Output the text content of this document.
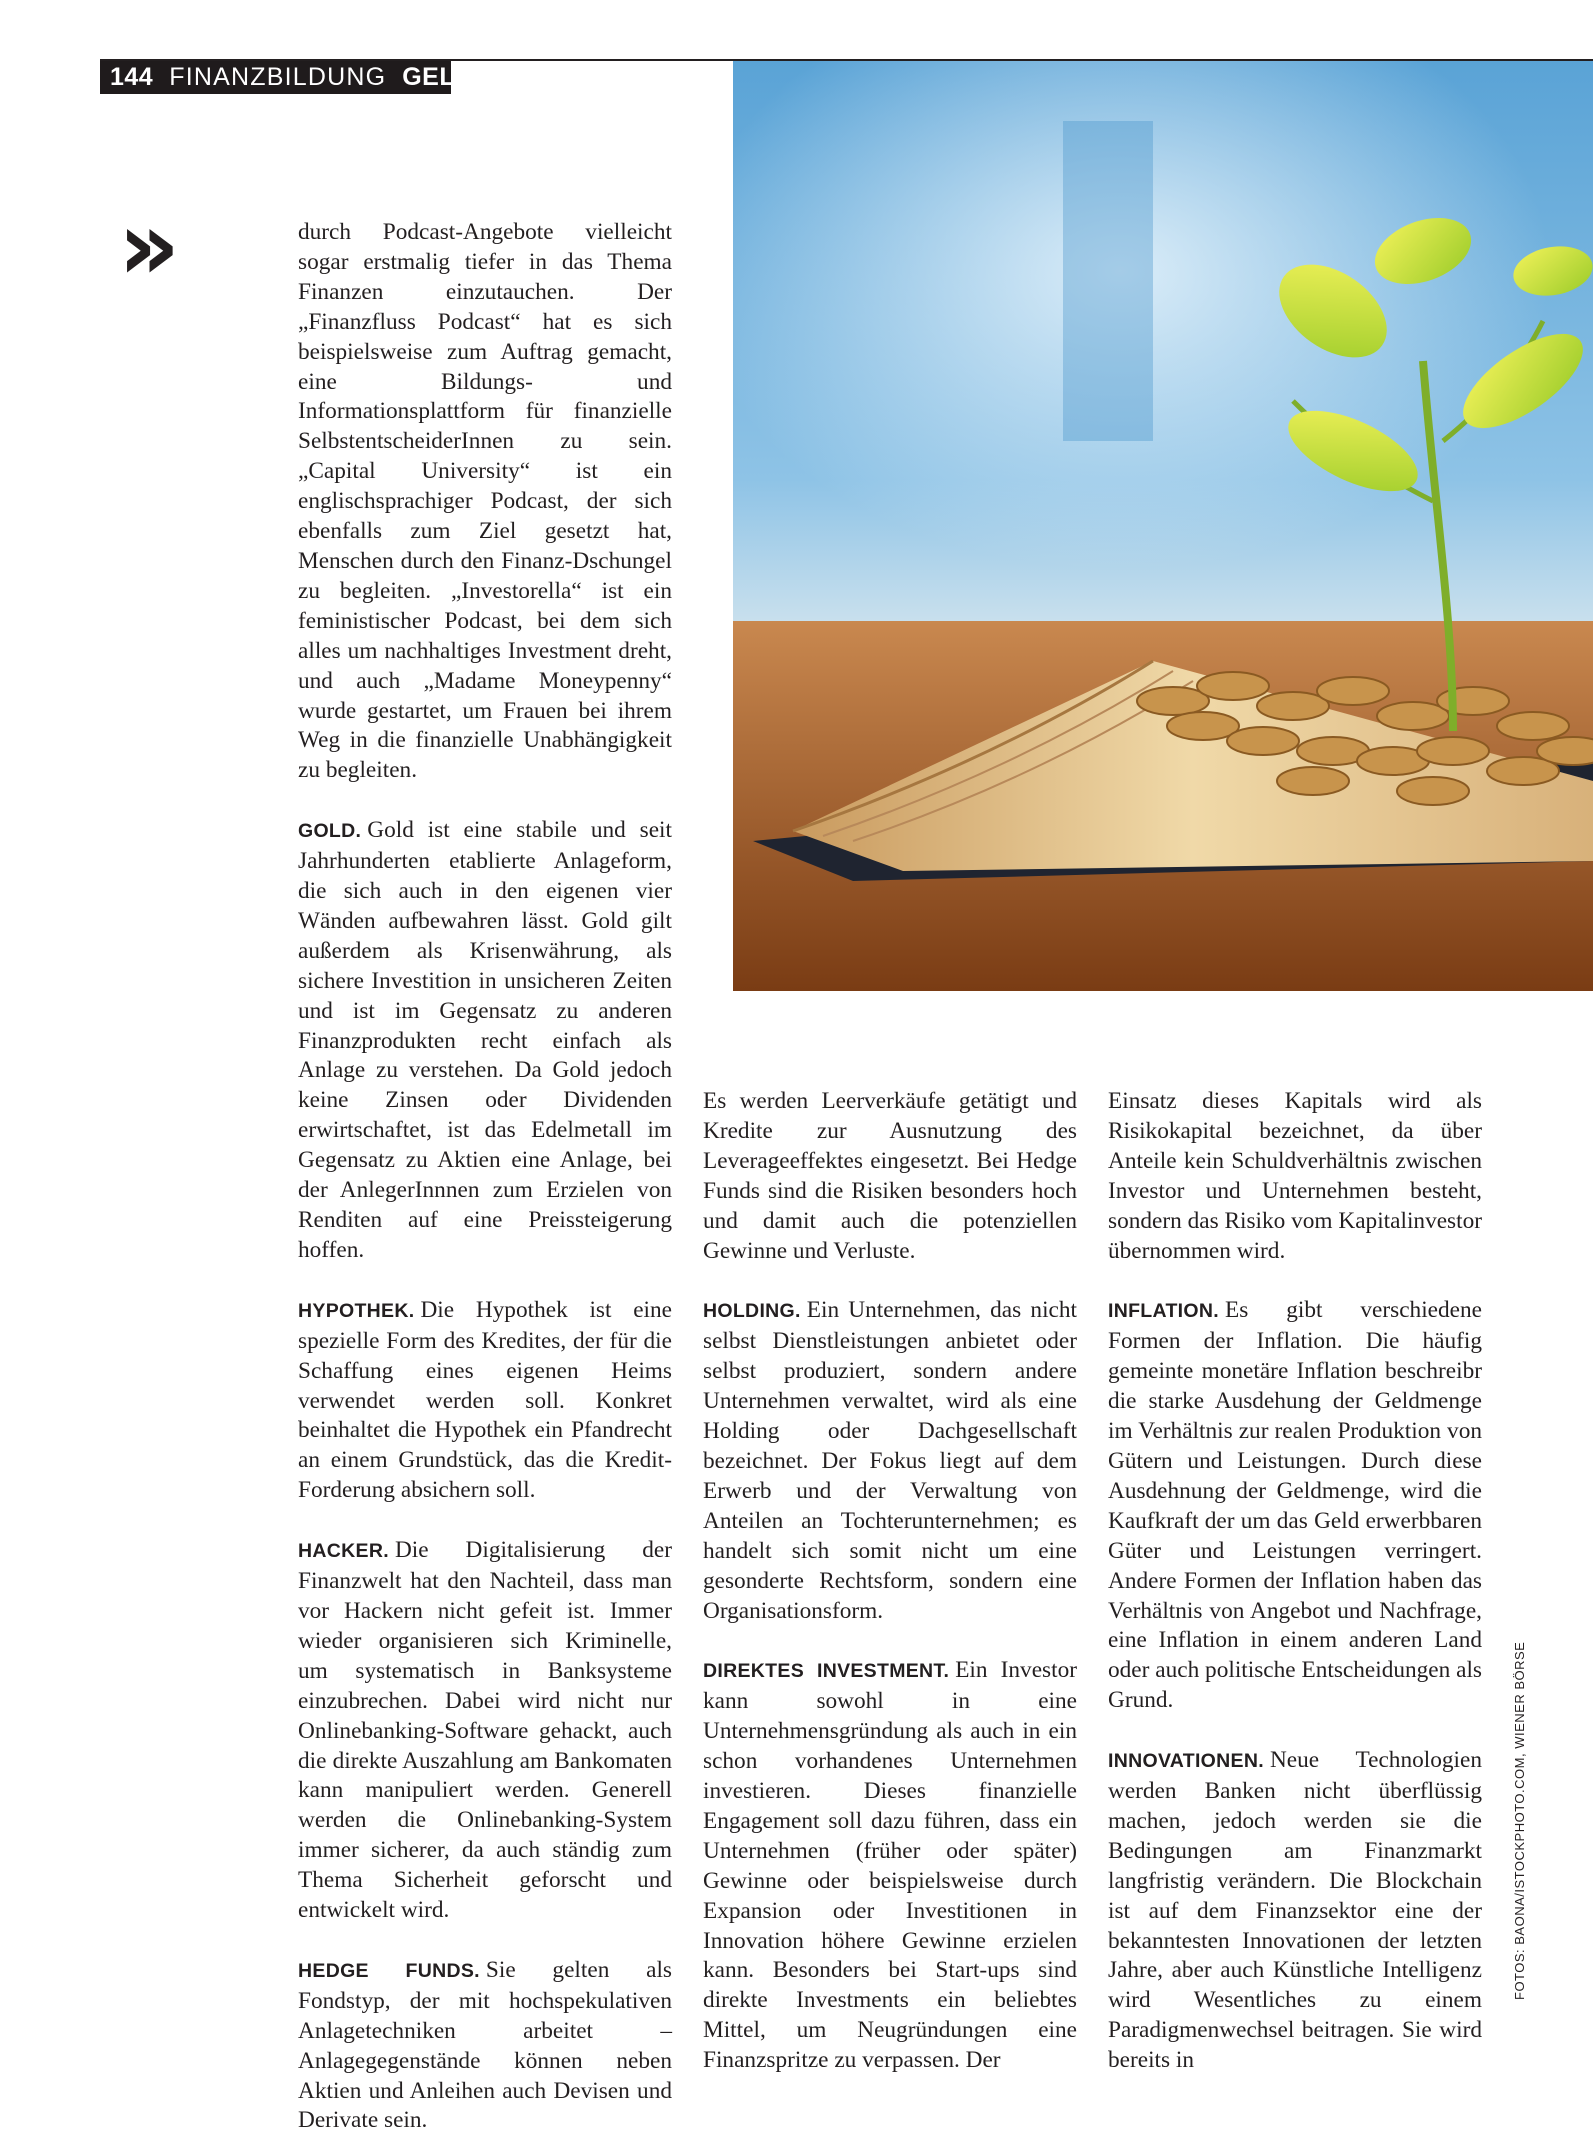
144 FINANZBILDUNG GELD
»	durch Podcast-Angebote vielleicht sogar erstmalig tiefer in das Thema Finanzen einzutauchen. Der „Finanzfluss Podcast“ hat es sich beispielsweise zum Auftrag gemacht, eine Bildungs- und Informationsplattform für finanzielle SelbstentscheiderInnen zu sein. „Capital University“ ist ein englischsprachiger Podcast, der sich ebenfalls zum Ziel gesetzt hat, Menschen durch den Finanz-Dschungel zu begleiten. „Investorella“ ist ein feministischer Podcast, bei dem sich alles um nachhaltiges Investment dreht, und auch „Madame Moneypenny“ wurde gestartet, um Frauen bei ihrem Weg in die finanzielle Unabhängigkeit zu begleiten.

GOLD. Gold ist eine stabile und seit Jahrhunderten etablierte Anlageform, die sich auch in den eigenen vier Wänden aufbewahren lässt. Gold gilt außerdem als Krisenwährung, als sichere Investition in unsicheren Zeiten und ist im Gegensatz zu anderen Finanzprodukten recht einfach als Anlage zu verstehen. Da Gold jedoch keine Zinsen oder Dividenden erwirtschaftet, ist das Edelmetall im Gegensatz zu Aktien eine Anlage, bei der AnlegerInnnen zum Erzielen von Renditen auf eine Preissteigerung hoffen.

HYPOTHEK. Die Hypothek ist eine spezielle Form des Kredites, der für die Schaffung eines eigenen Heims verwendet werden soll. Konkret beinhaltet die Hypothek ein Pfandrecht an einem Grundstück, das die Kredit-Forderung absichern soll.

HACKER. Die Digitalisierung der Finanzwelt hat den Nachteil, dass man vor Hackern nicht gefeit ist. Immer wieder organisieren sich Kriminelle, um systematisch in Banksysteme einzubrechen. Dabei wird nicht nur Onlinebanking-Software gehackt, auch die direkte Auszahlung am Bankomaten kann manipuliert werden. Generell werden die Onlinebanking-System immer sicherer, da auch ständig zum Thema Sicherheit geforscht und entwickelt wird.

HEDGE FUNDS. Sie gelten als Fondstyp, der mit hochspekulativen Anlagetechniken arbeitet – Anlagegegenstände können neben Aktien und Anleihen auch Devisen und Derivate sein.

Es werden Leerverkäufe getätigt und Kredite zur Ausnutzung des Leverageeffektes eingesetzt. Bei Hedge Funds sind die Risiken besonders hoch und damit auch die potenziellen Gewinne und Verluste.

HOLDING. Ein Unternehmen, das nicht selbst Dienstleistungen anbietet oder selbst produziert, sondern andere Unternehmen verwaltet, wird als eine Holding oder Dachgesellschaft bezeichnet. Der Fokus liegt auf dem Erwerb und der Verwaltung von Anteilen an Tochterunternehmen; es handelt sich somit nicht um eine gesonderte Rechtsform, sondern eine Organisationsform.

DIREKTES INVESTMENT. Ein Investor kann sowohl in eine Unternehmensgründung als auch in ein schon vorhandenes Unternehmen investieren. Dieses finanzielle Engagement soll dazu führen, dass ein Unternehmen (früher oder später) Gewinne oder beispielsweise durch Expansion oder Investitionen in Innovation höhere Gewinne erzielen kann. Besonders bei Start-ups sind direkte Investments ein beliebtes Mittel, um Neugründungen eine Finanzspritze zu verpassen. Der

Einsatz dieses Kapitals wird als Risikokapital bezeichnet, da über Anteile kein Schuldverhältnis zwischen Investor und Unternehmen besteht, sondern das Risiko vom Kapitalinvestor übernommen wird.

INFLATION. Es gibt verschiedene Formen der Inflation. Die häufig gemeinte monetäre Inflation beschreibr die starke Ausdehung der Geldmenge im Verhältnis zur realen Produktion von Gütern und Leistungen. Durch diese Ausdehnung der Geldmenge, wird die Kaufkraft der um das Geld erwerbbaren Güter und Leistungen verringert. Andere Formen der Inflation haben das Verhältnis von Angebot und Nachfrage, eine Inflation in einem anderen Land oder auch politische Entscheidungen als Grund.

INNOVATIONEN. Neue Technologien werden Banken nicht überflüssig machen, jedoch werden sie die Bedingungen am Finanzmarkt langfristig verändern. Die Blockchain ist auf dem Finanzsektor eine der bekanntesten Innovationen der letzten Jahre, aber auch Künstliche Intelligenz wird Wesentliches zu einem Paradigmenwechsel beitragen. Sie wird bereits in

FOTOS: BAONA/ISTOCKPHOTO.COM, WIENER BÖRSE
